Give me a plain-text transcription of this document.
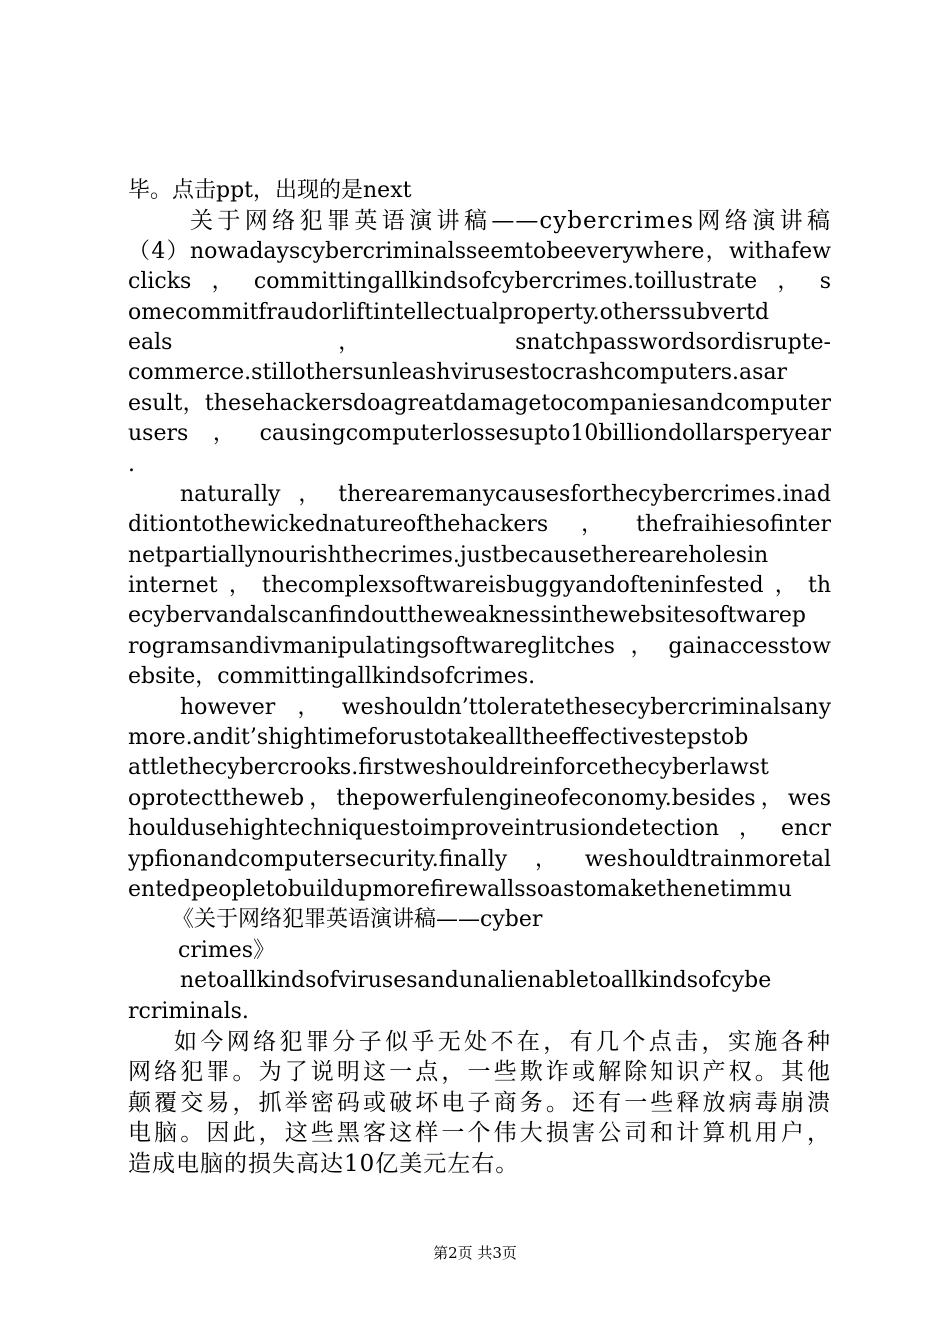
毕。点击ppt，出现的是next
关于网络犯罪英语演讲稿——cybercrimes网络演讲稿
（4）nowadayscybercriminalsseemtobeeverywhere，withafew
clicks，committingallkindsofcybercrimes.toillustrate，s
omecommitfraudorliftintellectualproperty.otherssubvertd
eals　　　　　　　，　　　　　　　snatchpasswordsordisrupte-
commerce.stillothersunleashvirusestocrashcomputers.asar
esult，thesehackersdoagreatdamagetocompaniesandcomputer
users，causingcomputerlossesupto10billiondollarsperyear
.
naturally，therearemanycausesforthecybercrimes.inad
ditiontothewickednatureofthehackers，thefraihiesofinter
netpartiallynourishthecrimes.justbecausethereareholesin
internet，thecomplexsoftwareisbuggyandofteninfested，th
ecybervandalscanfindouttheweaknessinthewebsitesoftwarep
rogramsandivmanipulatingsoftwareglitches，gainaccesstow
ebsite，committingallkindsofcrimes.
however，weshouldn’ttoleratethesecybercriminalsany
more.andit’shightimeforustotakealltheeffectivestepstob
attlethecybercrooks.firstweshouldreinforcethecyberlawst
oprotecttheweb，thepowerfulengineofeconomy.besides，wes
houldusehightechniquestoimproveintrusiondetection，encr
ypfionandcomputersecurity.finally，weshouldtrainmoretal
entedpeopletobuildupmorefirewallssoastomakethenetimmu
《关于网络犯罪英语演讲稿——cyber
crimes》
netoallkindsofvirusesandunalienabletoallkindsofcybe
rcriminals.
如今网络犯罪分子似乎无处不在，有几个点击，实施各种
网络犯罪。为了说明这一点，一些欺诈或解除知识产权。其他
颠覆交易，抓举密码或破坏电子商务。还有一些释放病毒崩溃
电脑。因此，这些黑客这样一个伟大损害公司和计算机用户，
造成电脑的损失高达10亿美元左右。
第2页 共3页
